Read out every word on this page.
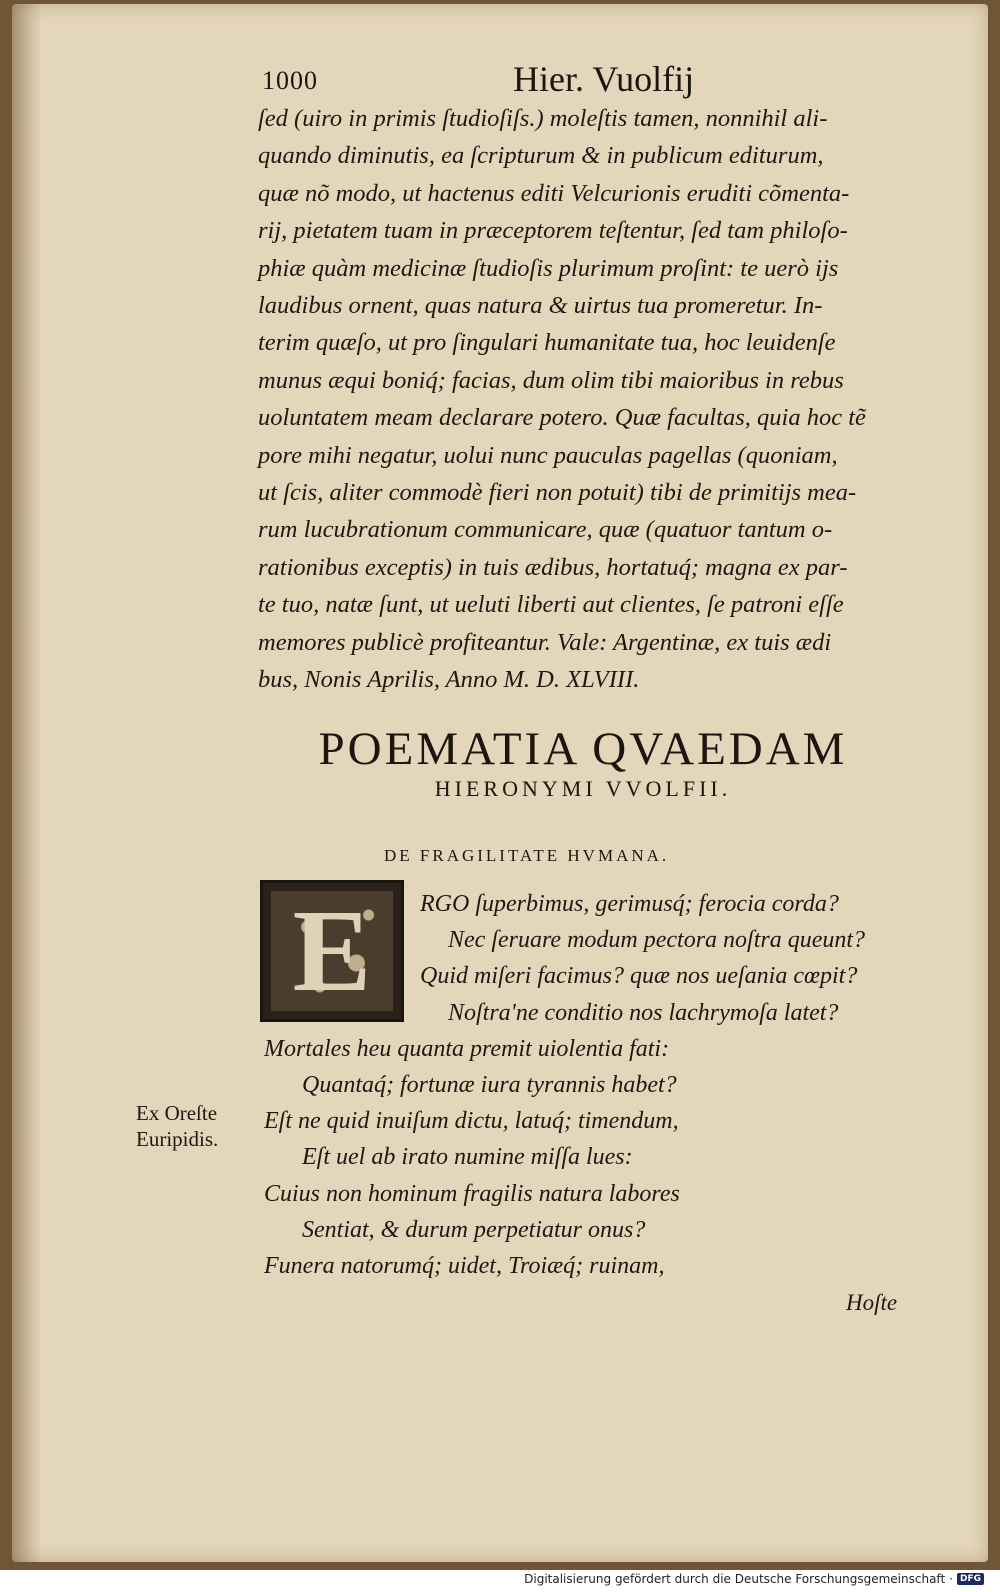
1000	Hier. Vuolfij
ſed (uiro in primis ſtudioſiſs.) moleſtis tamen, nonnihil ali-
quando diminutis, ea ſcripturum & in publicum editurum,
quæ nõ modo, ut hactenus editi Velcurionis eruditi cõmenta-
rij, pietatem tuam in præceptorem teſtentur, ſed tam philoſo-
phiæ quàm medicinæ ſtudioſis plurimum proſint: te uerò ijs
laudibus ornent, quas natura & uirtus tua promeretur. In-
terim quæſo, ut pro ſingulari humanitate tua, hoc leuidenſe
munus æqui boniq́; facias, dum olim tibi maioribus in rebus
uoluntatem meam declarare potero. Quæ facultas, quia hoc tẽ
pore mihi negatur, uolui nunc pauculas pagellas (quoniam,
ut ſcis, aliter commodè fieri non potuit) tibi de primitijs mea-
rum lucubrationum communicare, quæ (quatuor tantum o-
rationibus exceptis) in tuis ædibus, hortatuq́; magna ex par-
te tuo, natæ ſunt, ut ueluti liberti aut clientes, ſe patroni eſſe
memores publicè profiteantur. Vale: Argentinæ, ex tuis ædi
bus, Nonis Aprilis, Anno M. D. XLVIII.
POEMATIA QVAEDAM
HIERONYMI VVOLFII.
DE FRAGILITATE HVMANA.
E	RGO ſuperbimus, gerimusq́; ferocia corda?
Nec ſeruare modum pectora noſtra queunt?
Quid miſeri facimus? quæ nos ueſania cœpit?
Noſtra'ne conditio nos lachrymoſa latet?
Mortales heu quanta premit uiolentia fati:
Quantaq́; fortunæ iura tyrannis habet?
Eſt ne quid inuiſum dictu, latuq́; timendum,
Eſt uel ab irato numine miſſa lues:
Cuius non hominum fragilis natura labores
Sentiat, & durum perpetiatur onus?
Funera natorumq́; uidet, Troiæq́; ruinam,
Ex Oreſte
Euripidis.
Hoſte
Digitalisierung gefördert durch die Deutsche Forschungsgemeinschaft · DFG
